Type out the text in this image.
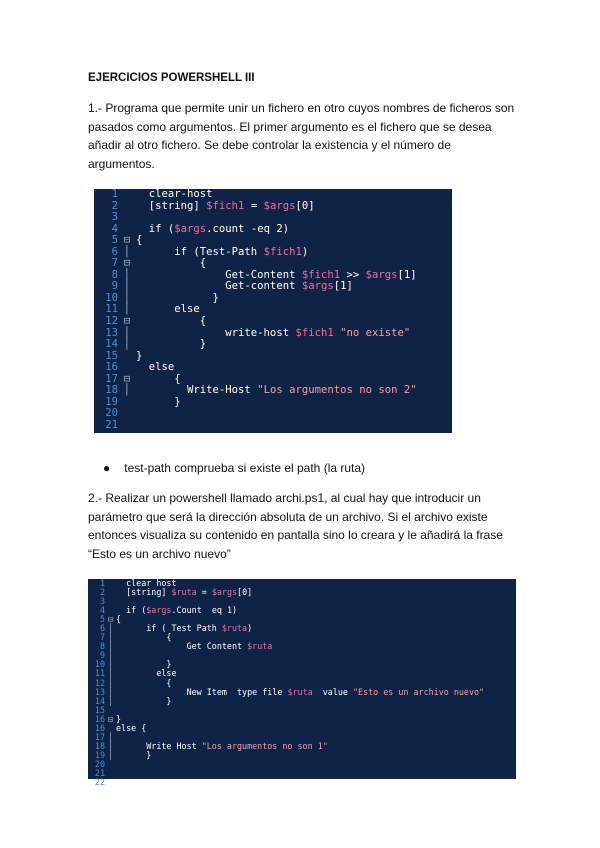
EJERCICIOS POWERSHELL III
1.- Programa que permite unir un fichero en otro cuyos nombres de ficheros son pasados como argumentos. El primer argumento es el fichero que se desea añadir al otro fichero. Se debe controlar la existencia y el número de argumentos.
1 clear-host
2 [string] $fich1 = $args[0]
3

4 if ($args.count -eq 2)
5 ⊟ {
6 │ if (Test-Path $fich1)
7 ⊟ {
8 │ Get-Content $fich1 >> $args[1]
9 │ Get-content $args[1]
10 │ }
11 │ else
12 ⊟ {
13 │ write-host $fich1 "no existe"
14 │ }
15 }
16 else
17 ⊟ {
18 │ Write-Host "Los argumentos no son 2"
19 }
20

21

● test-path comprueba si existe el path (la ruta)
2.- Realizar un powershell llamado archi.ps1, al cual hay que introducir un parámetro que será la dirección absoluta de un archivo. Si el archivo existe entonces visualiza su contenido en pantalla sino lo creara y le añadirá la frase “Esto es un archivo nuevo”
1 clear host
2 [string] $ruta = $args[0]
3

4 if ($args.Count  eq 1)
5 ⊟ {
6 │ if ( Test Path $ruta)
7 │ {
8 │ Get Content $ruta
9 │

10 │ }
11 │ else
12 │ {
13 │ New Item  type file $ruta  value "Esto es un archivo nuevo"
14 │ }
15

16 ⊟ }
16 else {
17 │

18 │ Write Host "Los argumentos no son 1"
19 │ }
20

21

22
